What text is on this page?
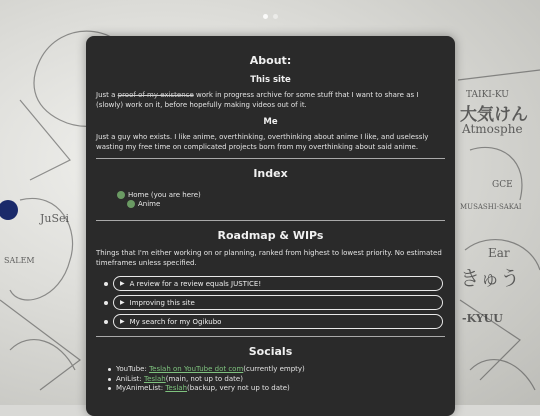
TAIKI-KU
大気けん
Atmosphe
MUSASHI-SAKAI
Ear
きゅう
-KYUU
JuSei
SALEM
GCE
About:
This site

Just a proof of my existence work in progress archive for some stuff that I want to share as I (slowly) work on it, before hopefully making videos out of it.

Me

Just a guy who exists. I like anime, overthinking, overthinking about anime I like, and uselessly wasting my free time on complicated projects born from my overthinking about said anime.

Index
Home (you are here)
Anime
Roadmap & WIPs

Things that I'm either working on or planning, ranked from highest to lowest priority. No estimated timeframes unless specified.

▶ A review for a review equals JUSTICE!
▶ Improving this site
▶ My search for my Ogikubo
Socials
YouTube:
Teslah on YouTube dot com (currently empty)
AniList:
Teslah (main, not up to date)
MyAnimeList:
Teslah (backup, very not up to date)
